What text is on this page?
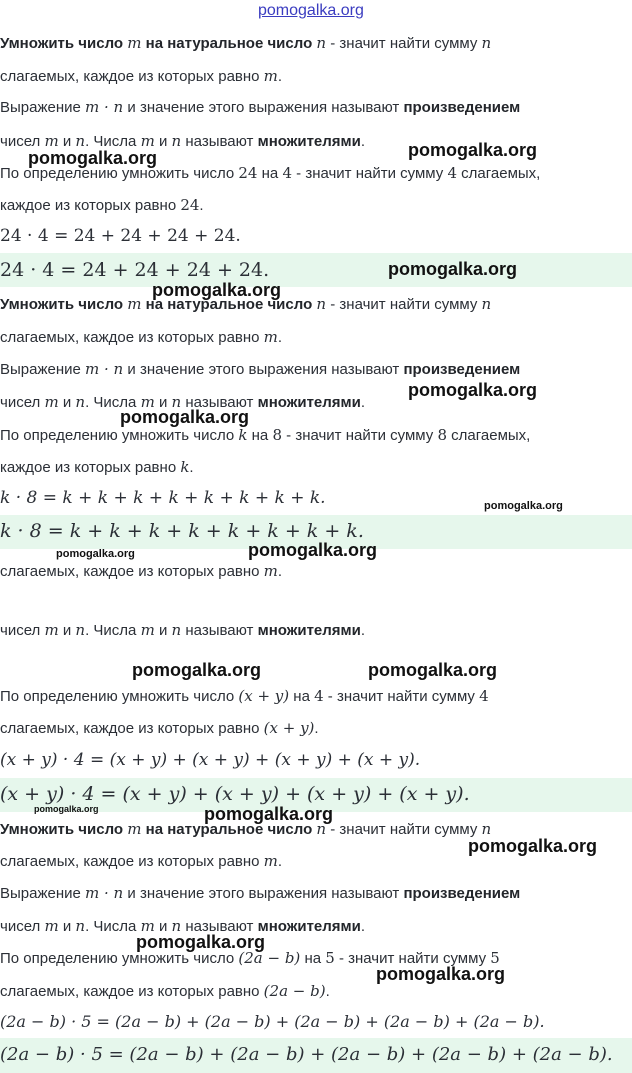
Умножить число m на натуральное число n - значит найти сумму n
слагаемых, каждое из которых равно m.
Выражение m · n и значение этого выражения называют произведением
чисел m и n. Числа m и n называют множителями.
По определению умножить число 24 на 4 - значит найти сумму 4 слагаемых,
каждое из которых равно 24.
24 · 4 = 24 + 24 + 24 + 24.
24 · 4 = 24 + 24 + 24 + 24.
Умножить число m на натуральное число n - значит найти сумму n
слагаемых, каждое из которых равно m.
Выражение m · n и значение этого выражения называют произведением
чисел m и n. Числа m и n называют множителями.
По определению умножить число k на 8 - значит найти сумму 8 слагаемых,
каждое из которых равно k.
k · 8 = k + k + k + k + k + k + k + k.
k · 8 = k + k + k + k + k + k + k + k.
слагаемых, каждое из которых равно m.
чисел m и n. Числа m и n называют множителями.
По определению умножить число (x + y) на 4 - значит найти сумму 4
слагаемых, каждое из которых равно (x + y).
(x + y) · 4 = (x + y) + (x + y) + (x + y) + (x + y).
(x + y) · 4 = (x + y) + (x + y) + (x + y) + (x + y).
Умножить число m на натуральное число n - значит найти сумму n
слагаемых, каждое из которых равно m.
Выражение m · n и значение этого выражения называют произведением
чисел m и n. Числа m и n называют множителями.
По определению умножить число (2a − b) на 5 - значит найти сумму 5
слагаемых, каждое из которых равно (2a − b).
(2a − b) · 5 = (2a − b) + (2a − b) + (2a − b) + (2a − b) + (2a − b).
(2a − b) · 5 = (2a − b) + (2a − b) + (2a − b) + (2a − b) + (2a − b).
pomogalka.org
pomogalka.org	pomogalka.org
pomogalka.org
pomogalka.org
pomogalka.org
pomogalka.org
pomogalka.org
pomogalka.org	pomogalka.org
pomogalka.org	pomogalka.org
pomogalka.org	pomogalka.org
pomogalka.org
pomogalka.org
pomogalka.org
